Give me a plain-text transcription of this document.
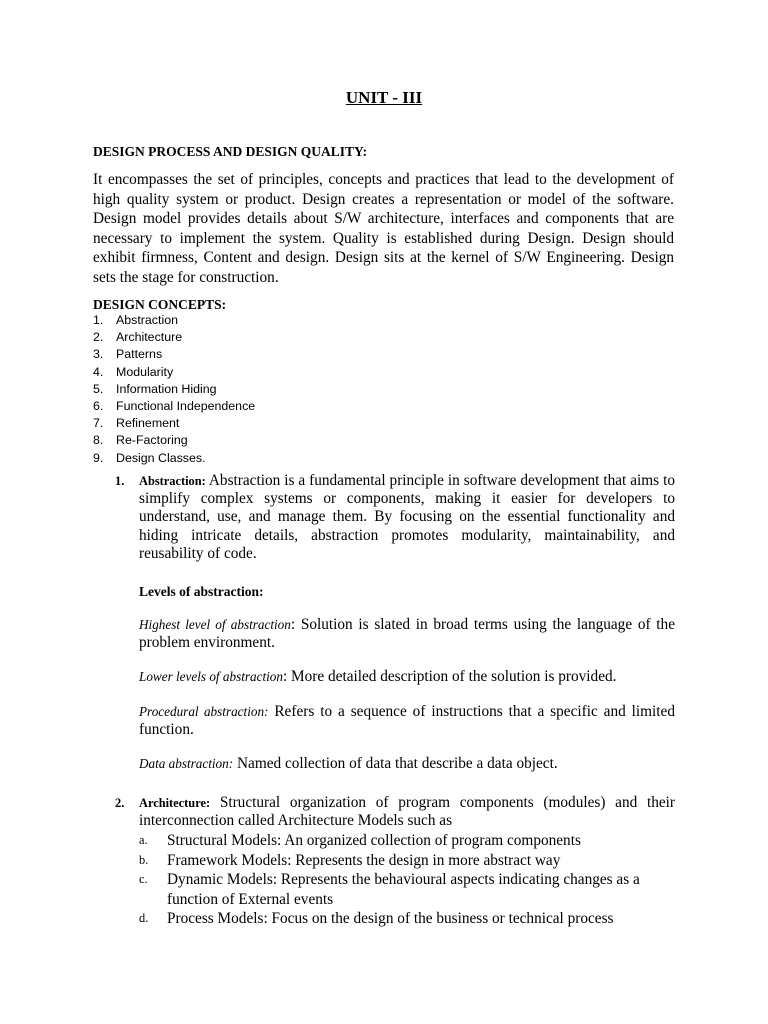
UNIT - III
DESIGN PROCESS AND DESIGN QUALITY:

It encompasses the set of principles, concepts and practices that lead to the development of high quality system or product. Design creates a representation or model of the software. Design model provides details about S/W architecture, interfaces and components that are necessary to implement the system. Quality is established during Design. Design should exhibit firmness, Content and design. Design sits at the kernel of S/W Engineering. Design sets the stage for construction.

DESIGN CONCEPTS:
1.	Abstraction
2.	Architecture
3.	Patterns
4.	Modularity
5.	Information Hiding
6.	Functional Independence
7.	Refinement
8.	Re-Factoring
9.	Design Classes.
1. Abstraction: Abstraction is a fundamental principle in software development that aims to simplify complex systems or components, making it easier for developers to understand, use, and manage them. By focusing on the essential functionality and hiding intricate details, abstraction promotes modularity, maintainability, and reusability of code.
Levels of abstraction:

Highest level of abstraction: Solution is slated in broad terms using the language of the problem environment.

Lower levels of abstraction: More detailed description of the solution is provided.

Procedural abstraction: Refers to a sequence of instructions that a specific and limited function.

Data abstraction: Named collection of data that describe a data object.

2. Architecture: Structural organization of program components (modules) and their interconnection called Architecture Models such as
a.	Structural Models: An organized collection of program components
b.	Framework Models: Represents the design in more abstract way
c.	Dynamic Models: Represents the behavioural aspects indicating changes as a function of External events
d.	Process Models: Focus on the design of the business or technical process
